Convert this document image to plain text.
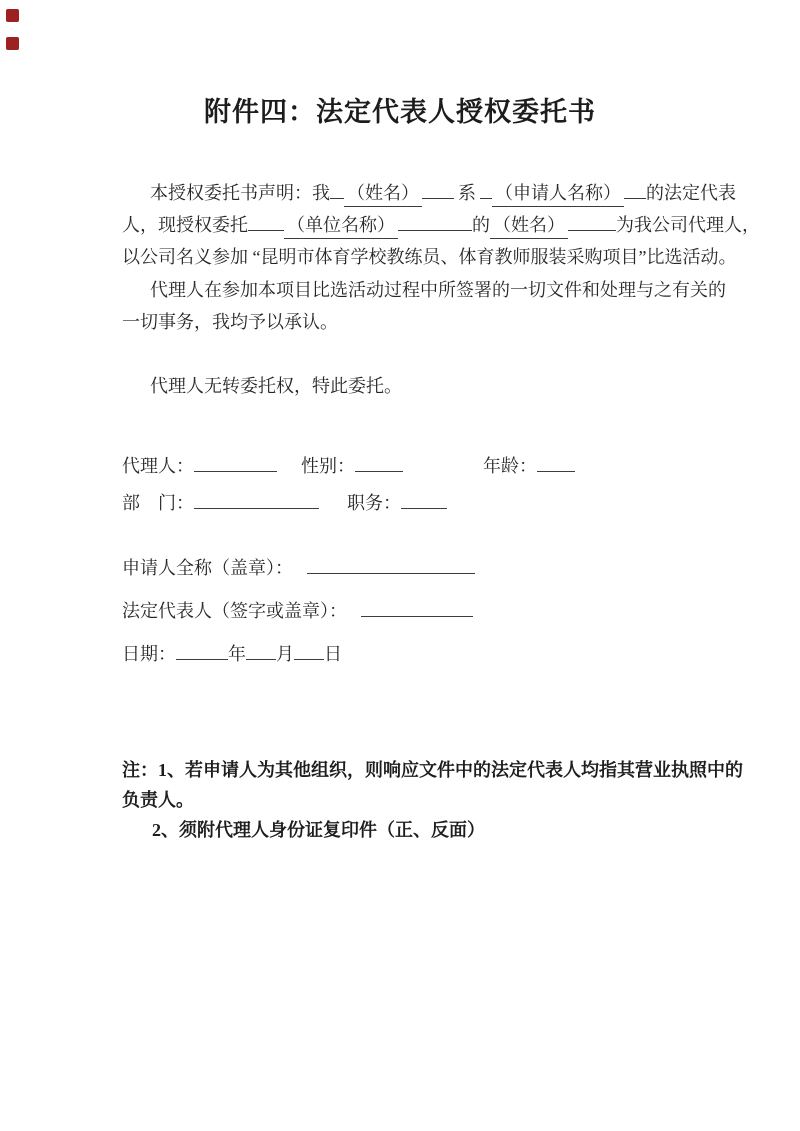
附件四：法定代表人授权委托书
本授权委托书声明：我 （姓名） 系 （申请人名称） 的法定代表
人，现授权委托 （单位名称）	的 （姓名）	为我公司代理人，
以公司名义参加 “昆明市体育学校教练员、体育教师服装采购项目”比选活动。
代理人在参加本项目比选活动过程中所签署的一切文件和处理与之有关的
一切事务，我均予以承认。
代理人无转委托权，特此委托。
代理人：	性别：	年龄：
部　门：	职务：
申请人全称（盖章）：
法定代表人（签字或盖章）：
日期：	年 月 日
注：1、若申请人为其他组织，则响应文件中的法定代表人均指其营业执照中的
负责人。
2、须附代理人身份证复印件（正、反面）
